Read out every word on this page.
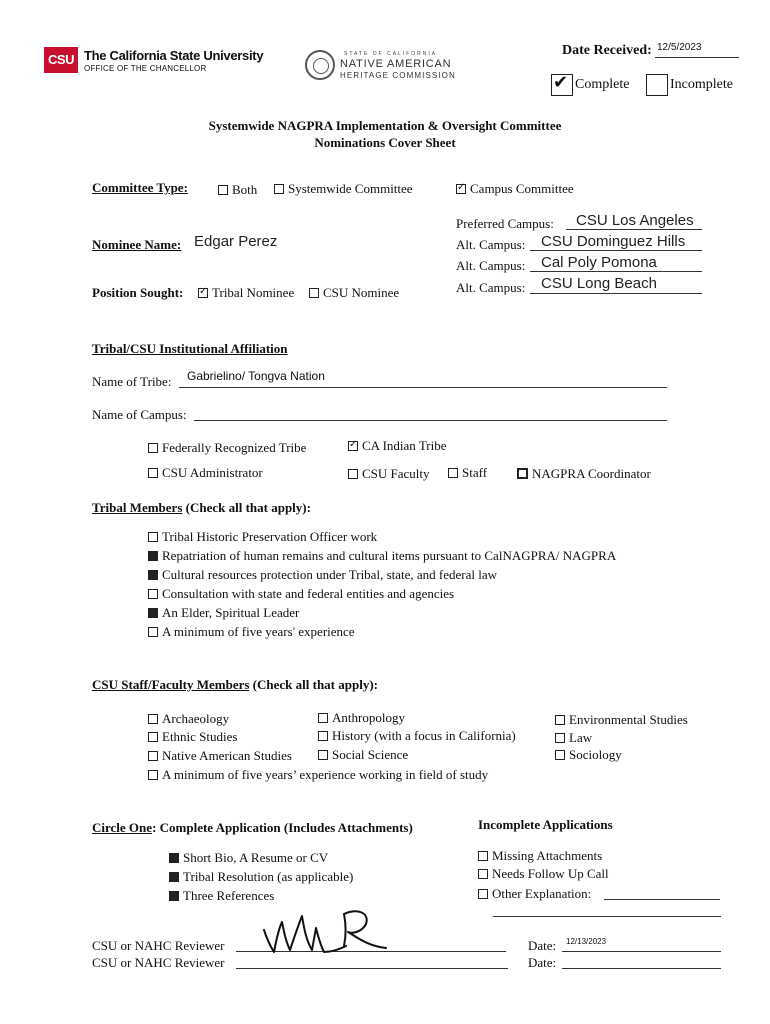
CSU The California State University
OFFICE OF THE CHANCELLOR
STATE OF CALIFORNIA
NATIVE AMERICAN
HERITAGE COMMISSION
Date Received: 12/5/2023
✔ Complete	Incomplete
Systemwide NAGPRA Implementation & Oversight Committee
Nominations Cover Sheet
Committee Type:	Both	Systemwide Committee ✓	Campus Committee
Preferred Campus: CSU Los Angeles
Alt. Campus: CSU Dominguez Hills
Alt. Campus: Cal Poly Pomona
Alt. Campus: CSU Long Beach
Nominee Name: Edgar Perez
Position Sought: ✓	Tribal Nominee	CSU Nominee
Tribal/CSU Institutional Affiliation
Name of Tribe: Gabrielino/ Tongva Nation
Name of Campus:
Federally Recognized Tribe ✓	CA Indian Tribe
CSU Administrator	CSU Faculty	Staff	NAGPRA Coordinator
Tribal Members (Check all that apply):
Tribal Historic Preservation Officer work
Repatriation of human remains and cultural items pursuant to CalNAGPRA/ NAGPRA
Cultural resources protection under Tribal, state, and federal law
Consultation with state and federal entities and agencies
An Elder, Spiritual Leader
A minimum of five years' experience
CSU Staff/Faculty Members (Check all that apply):
Archaeology	Anthropology	Environmental Studies
Ethnic Studies	History (with a focus in California)	Law
Native American Studies	Social Science	Sociology
A minimum of five years’ experience working in field of study
Circle One: Complete Application (Includes Attachments)	Incomplete Applications
Short Bio, A Resume or CV
Tribal Resolution (as applicable)
Three References
Missing Attachments
Needs Follow Up Call
Other Explanation:
CSU or NAHC Reviewer	Date: 12/13/2023
CSU or NAHC Reviewer	Date:
